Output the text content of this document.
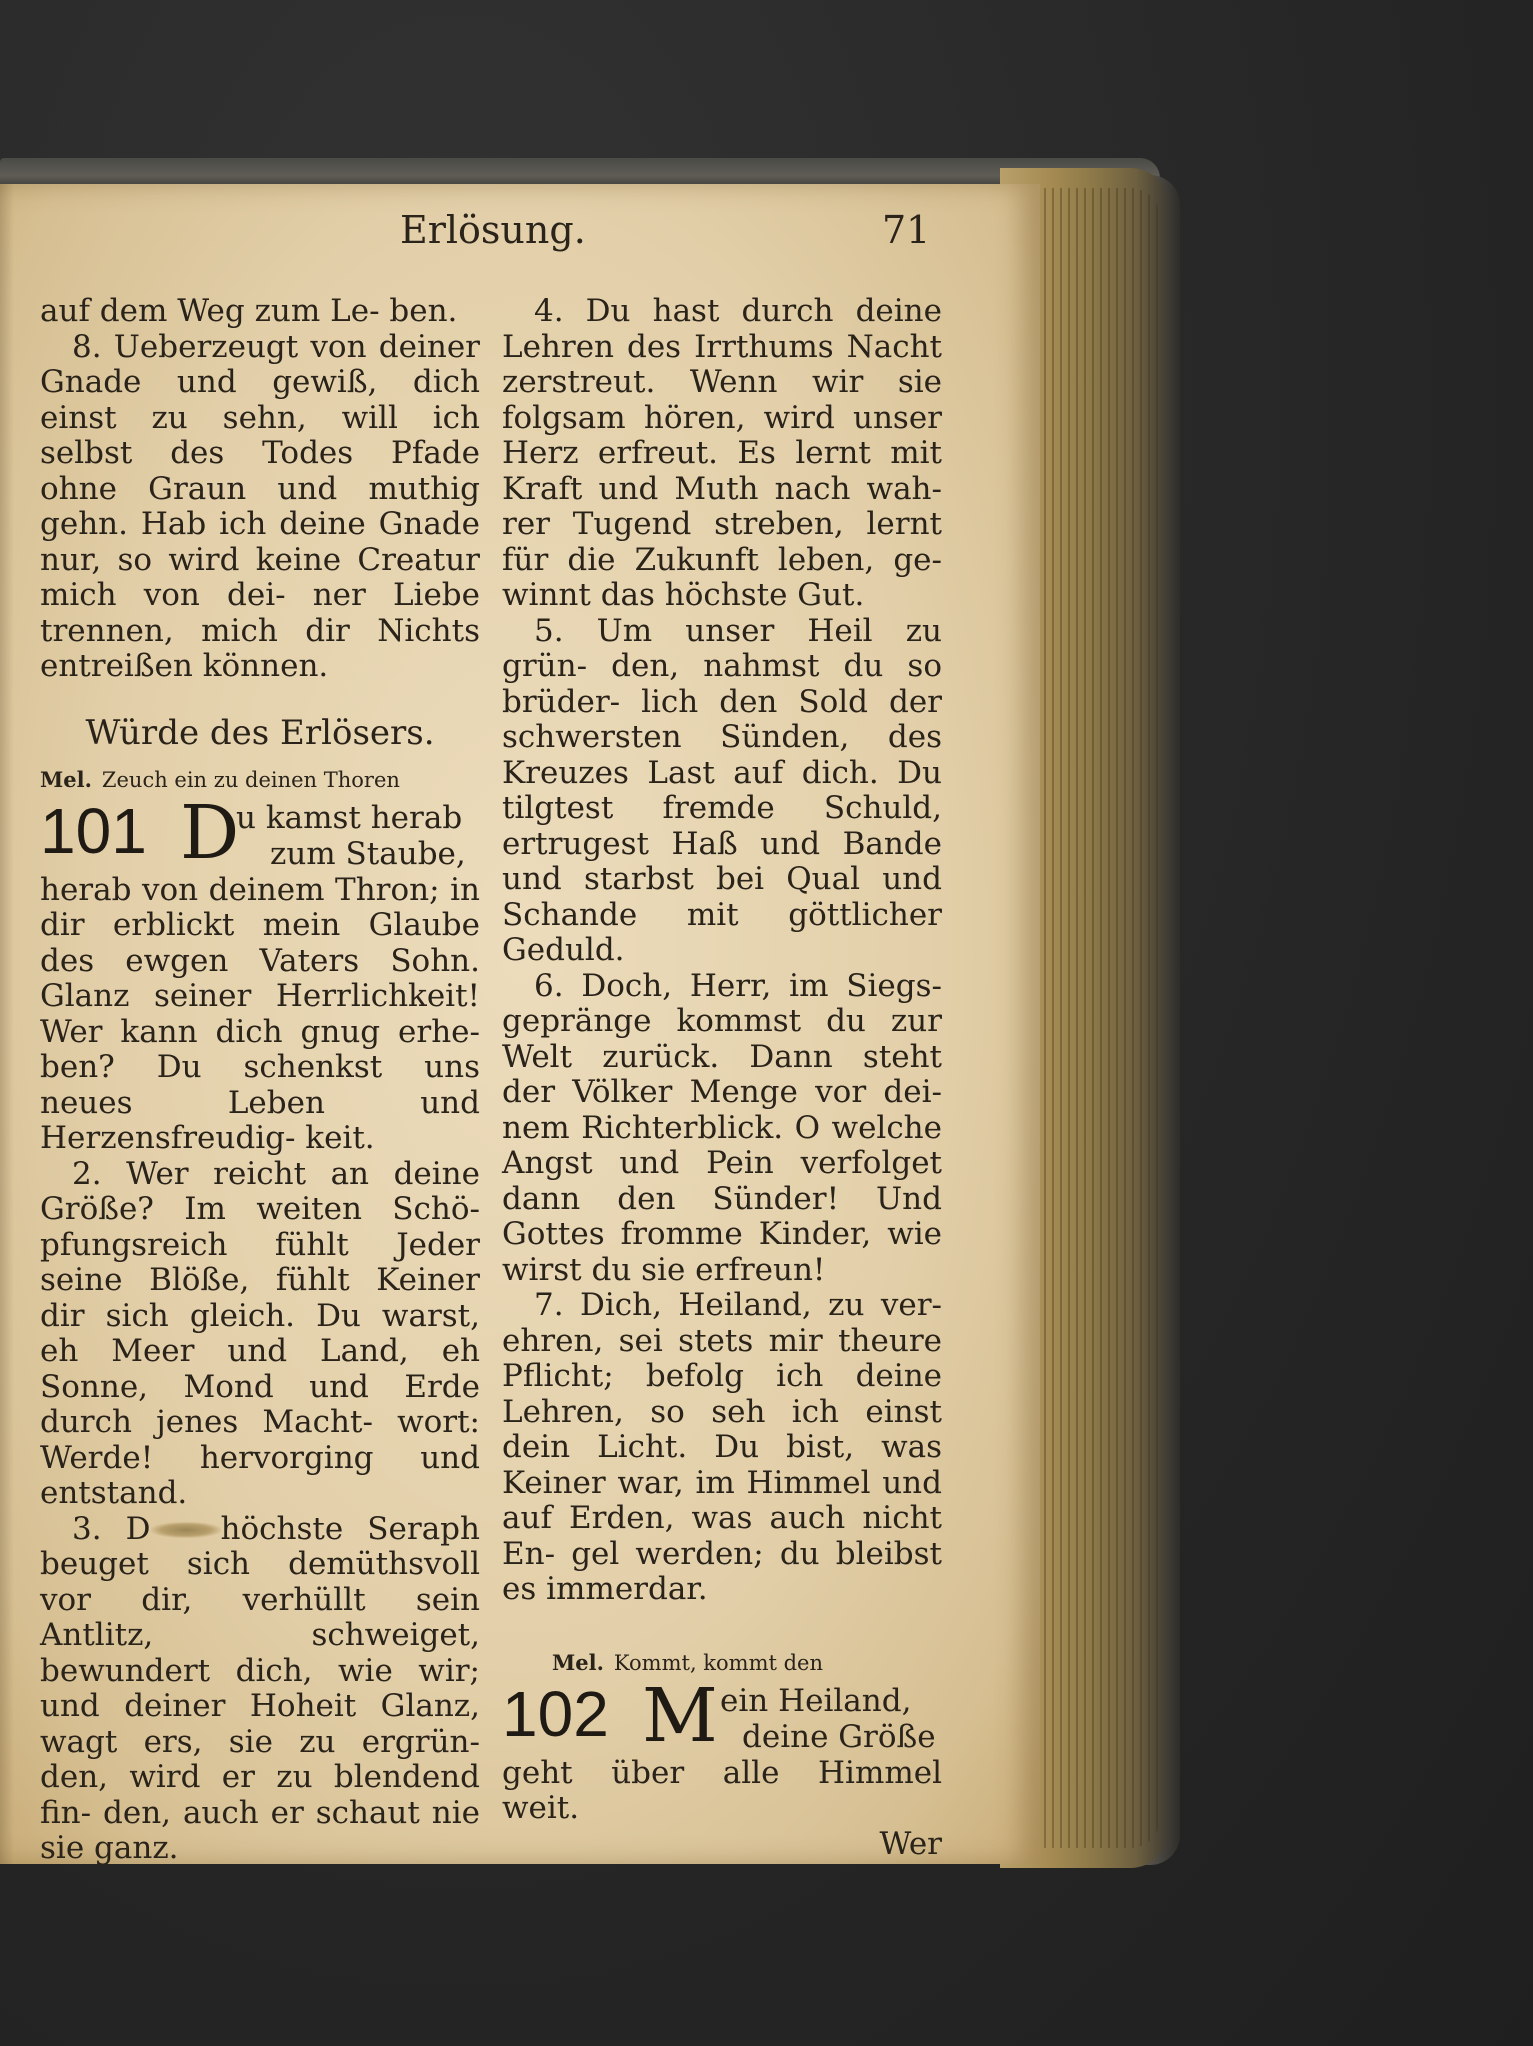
Erlösung.	71

auf dem Weg zum Le- ben.

8. Ueberzeugt von deiner Gnade und gewiß, dich einst zu sehn, will ich selbst des Todes Pfade ohne Graun und muthig gehn. Hab ich deine Gnade nur, so wird keine Creatur mich von dei- ner Liebe trennen, mich dir Nichts entreißen können.

Würde des Erlösers.

Mel. Zeuch ein zu deinen Thoren

101 D
u kamst herab
zum Staube,

herab von deinem Thron; in dir erblickt mein Glaube des ewgen Vaters Sohn. Glanz seiner Herrlichkeit! Wer kann dich gnug erhe- ben? Du schenkst uns neues Leben und Herzensfreudig- keit.

2. Wer reicht an deine Größe? Im weiten Schö- pfungsreich fühlt Jeder seine Blöße, fühlt Keiner dir sich gleich. Du warst, eh Meer und Land, eh Sonne, Mond und Erde durch jenes Macht- wort: Werde! hervorging und entstand.

3. D höchste Seraph beuget sich demüthsvoll vor dir, verhüllt sein Antlitz, schweiget, bewundert dich, wie wir; und deiner Hoheit Glanz, wagt ers, sie zu ergrün- den, wird er zu blendend fin- den, auch er schaut nie sie ganz.

4. Du hast durch deine Lehren des Irrthums Nacht zerstreut. Wenn wir sie folgsam hören, wird unser Herz erfreut. Es lernt mit Kraft und Muth nach wah- rer Tugend streben, lernt für die Zukunft leben, ge- winnt das höchste Gut.

5. Um unser Heil zu grün- den, nahmst du so brüder- lich den Sold der schwersten Sünden, des Kreuzes Last auf dich. Du tilgtest fremde Schuld, ertrugest Haß und Bande und starbst bei Qual und Schande mit göttlicher Geduld.

6. Doch, Herr, im Siegs- gepränge kommst du zur Welt zurück. Dann steht der Völker Menge vor dei- nem Richterblick. O welche Angst und Pein verfolget dann den Sünder! Und Gottes fromme Kinder, wie wirst du sie erfreun!

7. Dich, Heiland, zu ver- ehren, sei stets mir theure Pflicht; befolg ich deine Lehren, so seh ich einst dein Licht. Du bist, was Keiner war, im Himmel und auf Erden, was auch nicht En- gel werden; du bleibst es immerdar.

Mel. Kommt, kommt den

102 M ein Heiland,
deine Größe

geht über alle Himmel weit.

Wer
